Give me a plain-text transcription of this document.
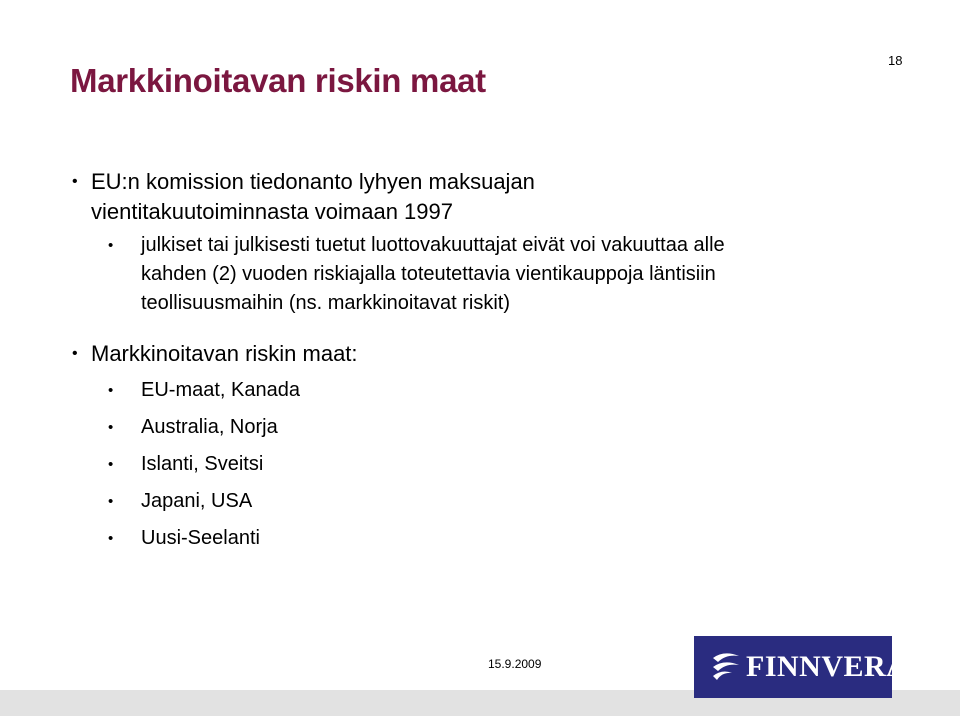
18
Markkinoitavan riskin maat
• EU:n komission tiedonanto lyhyen maksuajan
vientitakuutoiminnasta voimaan 1997
• julkiset tai julkisesti tuetut luottovakuuttajat eivät voi vakuuttaa alle
kahden (2) vuoden riskiajalla toteutettavia vientikauppoja läntisiin
teollisuusmaihin (ns. markkinoitavat riskit)
• Markkinoitavan riskin maat:
• EU-maat, Kanada
• Australia, Norja
• Islanti, Sveitsi
• Japani, USA
• Uusi-Seelanti
15.9.2009	FINNVERA
